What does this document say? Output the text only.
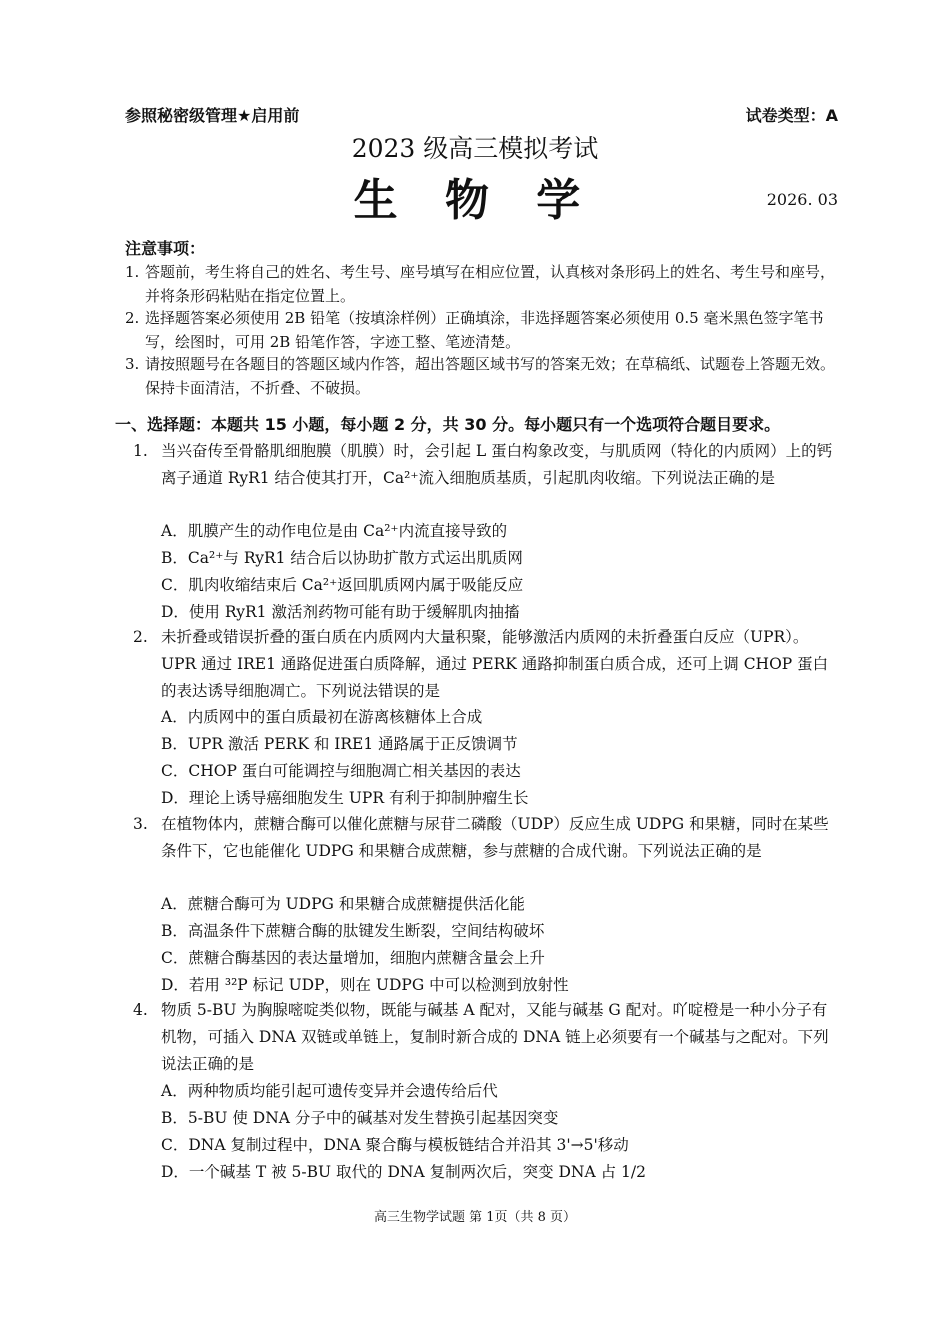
参照秘密级管理★启用前	试卷类型：A
2023 级高三模拟考试
生 物 学	2026. 03
注意事项：
1. 答题前，考生将自己的姓名、考生号、座号填写在相应位置，认真核对条形码上的姓名、考生号和座号，并将条形码粘贴在指定位置上。
2. 选择题答案必须使用 2B 铅笔（按填涂样例）正确填涂，非选择题答案必须使用 0.5 毫米黑色签字笔书写，绘图时，可用 2B 铅笔作答，字迹工整、笔迹清楚。
3. 请按照题号在各题目的答题区域内作答，超出答题区域书写的答案无效；在草稿纸、试题卷上答题无效。保持卡面清洁，不折叠、不破损。
一、选择题：本题共 15 小题，每小题 2 分，共 30 分。每小题只有一个选项符合题目要求。
1. 当兴奋传至骨骼肌细胞膜（肌膜）时，会引起 L 蛋白构象改变，与肌质网（特化的内质网）上的钙离子通道 RyR1 结合使其打开，Ca²⁺流入细胞质基质，引起肌肉收缩。下列说法正确的是
A．肌膜产生的动作电位是由 Ca²⁺内流直接导致的
B．Ca²⁺与 RyR1 结合后以协助扩散方式运出肌质网
C．肌肉收缩结束后 Ca²⁺返回肌质网内属于吸能反应
D．使用 RyR1 激活剂药物可能有助于缓解肌肉抽搐
2. 未折叠或错误折叠的蛋白质在内质网内大量积聚，能够激活内质网的未折叠蛋白反应（UPR）。UPR 通过 IRE1 通路促进蛋白质降解，通过 PERK 通路抑制蛋白质合成，还可上调 CHOP 蛋白的表达诱导细胞凋亡。下列说法错误的是
A．内质网中的蛋白质最初在游离核糖体上合成
B．UPR 激活 PERK 和 IRE1 通路属于正反馈调节
C．CHOP 蛋白可能调控与细胞凋亡相关基因的表达
D．理论上诱导癌细胞发生 UPR 有利于抑制肿瘤生长
3. 在植物体内，蔗糖合酶可以催化蔗糖与尿苷二磷酸（UDP）反应生成 UDPG 和果糖，同时在某些条件下，它也能催化 UDPG 和果糖合成蔗糖，参与蔗糖的合成代谢。下列说法正确的是
A．蔗糖合酶可为 UDPG 和果糖合成蔗糖提供活化能
B．高温条件下蔗糖合酶的肽键发生断裂，空间结构破坏
C．蔗糖合酶基因的表达量增加，细胞内蔗糖含量会上升
D．若用 ³²P 标记 UDP，则在 UDPG 中可以检测到放射性
4. 物质 5-BU 为胸腺嘧啶类似物，既能与碱基 A 配对，又能与碱基 G 配对。吖啶橙是一种小分子有机物，可插入 DNA 双链或单链上，复制时新合成的 DNA 链上必须要有一个碱基与之配对。下列说法正确的是
A．两种物质均能引起可遗传变异并会遗传给后代
B．5-BU 使 DNA 分子中的碱基对发生替换引起基因突变
C．DNA 复制过程中，DNA 聚合酶与模板链结合并沿其 3'→5'移动
D．一个碱基 T 被 5-BU 取代的 DNA 复制两次后，突变 DNA 占 1/2
高三生物学试题 第 1页（共 8 页）
